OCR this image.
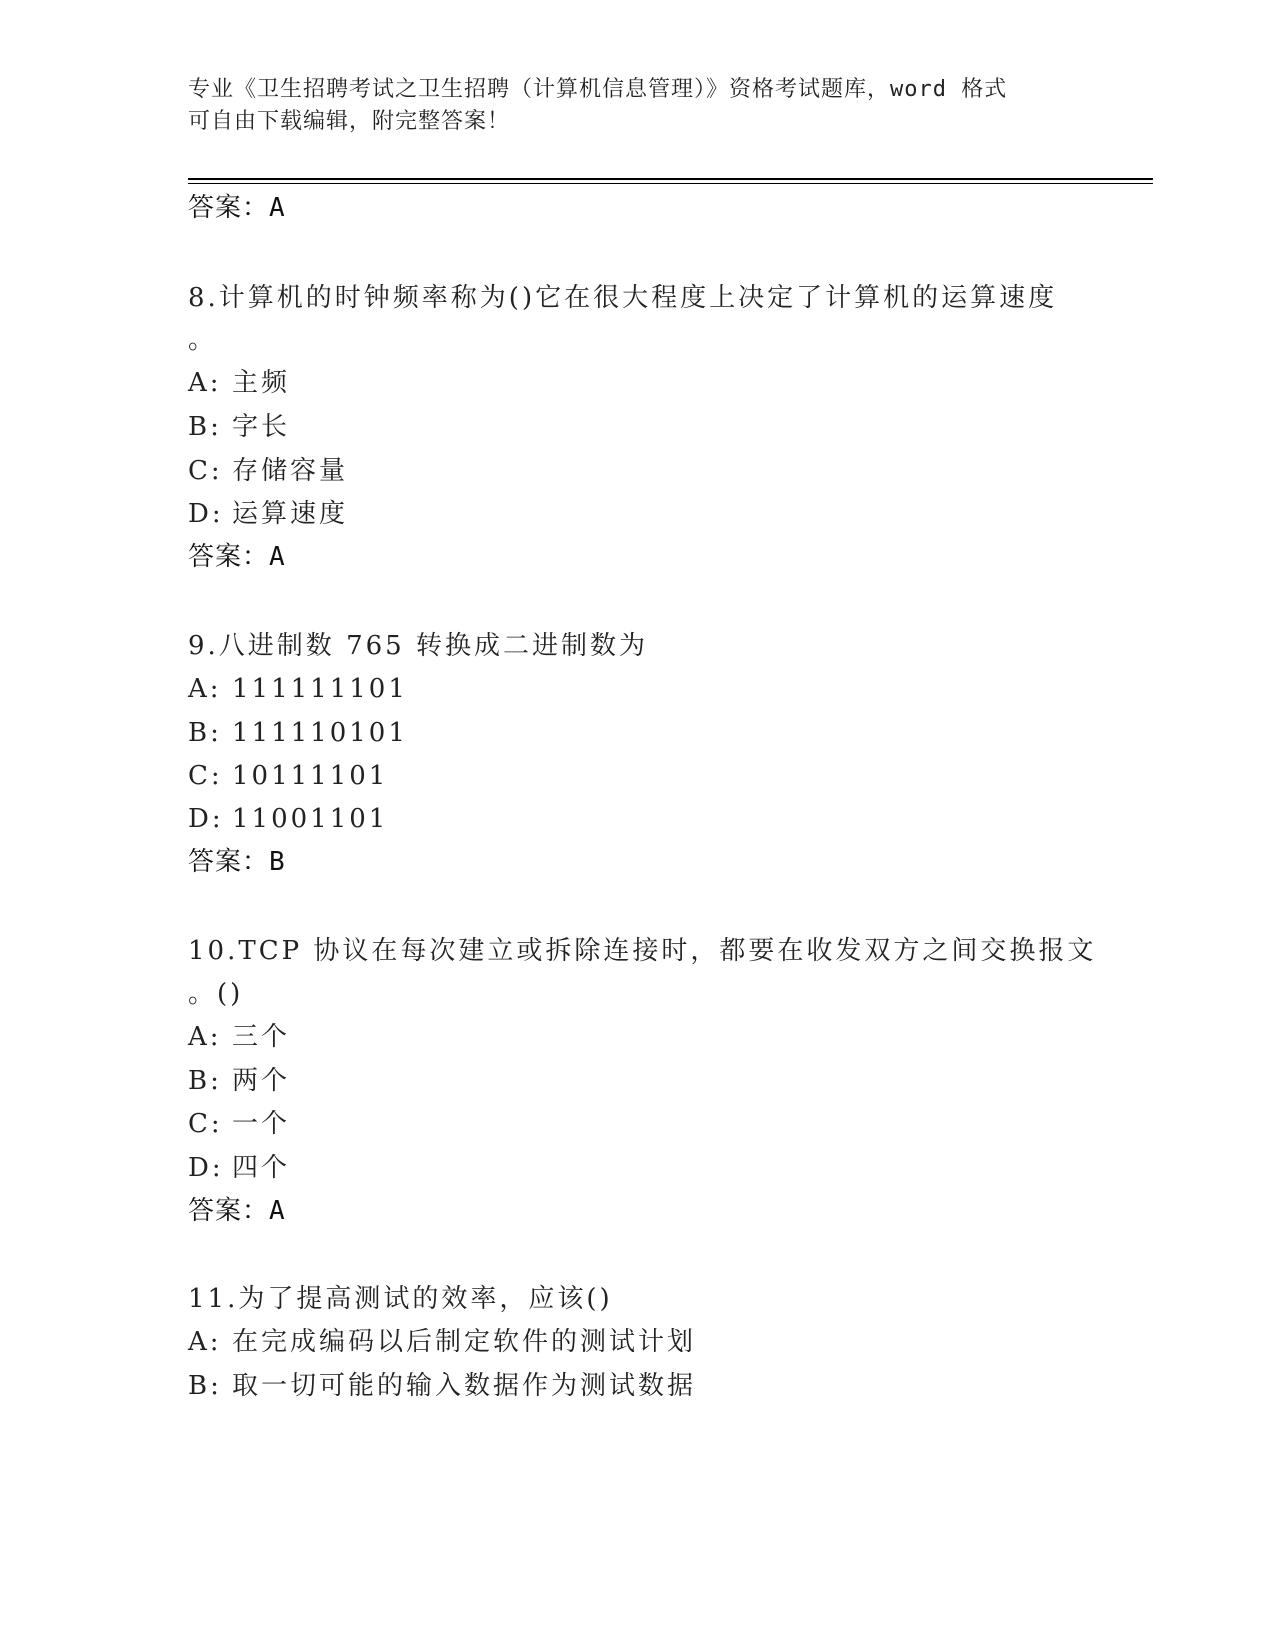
专业《卫生招聘考试之卫生招聘（计算机信息管理）》资格考试题库，word 格式
可自由下载编辑，附完整答案！
答案：A
8.计算机的时钟频率称为()它在很大程度上决定了计算机的运算速度
。
A: 主频
B: 字长
C: 存储容量
D: 运算速度
答案：A
9.八进制数 765 转换成二进制数为
A: 111111101
B: 111110101
C: 10111101
D: 11001101
答案：B
10.TCP 协议在每次建立或拆除连接时，都要在收发双方之间交换报文
。()
A: 三个
B: 两个
C: 一个
D: 四个
答案：A
11.为了提高测试的效率，应该()
A: 在完成编码以后制定软件的测试计划
B: 取一切可能的输入数据作为测试数据
